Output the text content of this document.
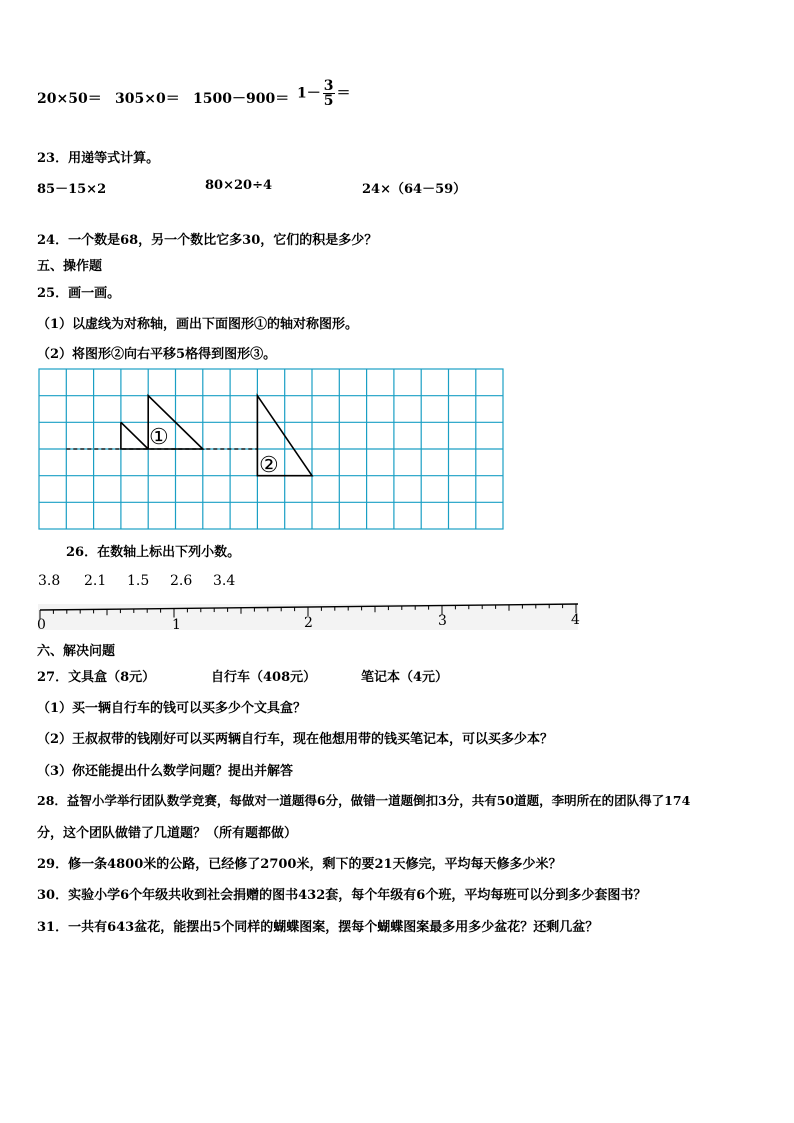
$20\times 50= 305\times 0= 1500-900= 1- \frac{3}{5}$ ＝
23．用递等式计算。
85－15×2	80×20÷4	24×（64－59）
24．一个数是68，另一个数比它多30，它们的积是多少？
五、操作题
25．画一画。
（1）以虚线为对称轴，画出下面图形①的轴对称图形。
（2）将图形②向右平移5格得到图形③。
①
②
26．在数轴上标出下列小数。
3.8 2.1 1.5 2.6 3.4
0	1	2	3	4
六、解决问题
27．文具盒（8元）	自行车（408元）	笔记本（4元）
（1）买一辆自行车的钱可以买多少个文具盒？
（2）王叔叔带的钱刚好可以买两辆自行车，现在他想用带的钱买笔记本，可以买多少本？
（3）你还能提出什么数学问题？提出并解答
28．益智小学举行团队数学竞赛，每做对一道题得6分，做错一道题倒扣3分，共有50道题，李明所在的团队得了174
分，这个团队做错了几道题？（所有题都做）
29．修一条4800米的公路，已经修了2700米，剩下的要21天修完，平均每天修多少米？
30．实验小学6个年级共收到社会捐赠的图书432套，每个年级有6个班，平均每班可以分到多少套图书？
31．一共有643盆花，能摆出5个同样的蝴蝶图案，摆每个蝴蝶图案最多用多少盆花？还剩几盆？
